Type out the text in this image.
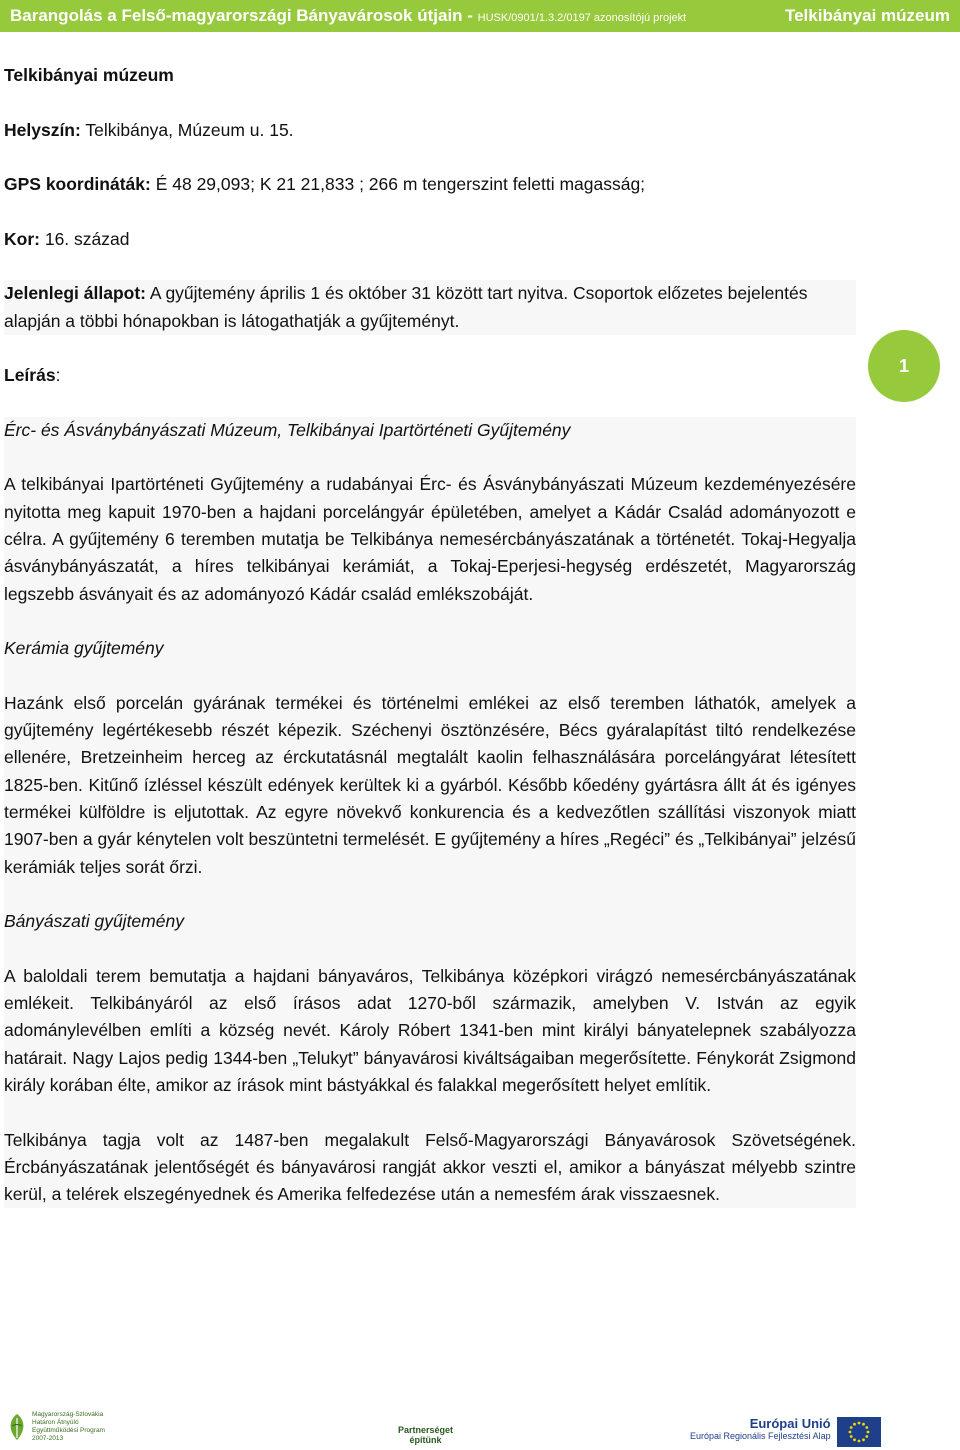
Barangolás a Felső-magyarországi Bányavárosok útjain - HUSK/0901/1.3.2/0197 azonosítójú projekt	Telkibányai múzeum
1

Telkibányai múzeum

Helyszín: Telkibánya, Múzeum u. 15.

GPS koordináták: É 48 29,093; K 21 21,833 ; 266 m tengerszint feletti magasság;

Kor: 16. század

Jelenlegi állapot: A gyűjtemény április 1 és október 31 között tart nyitva. Csoportok előzetes bejelentés alapján a többi hónapokban is látogathatják a gyűjteményt.

Leírás:

Érc- és Ásványbányászati Múzeum, Telkibányai Ipartörténeti Gyűjtemény

A telkibányai Ipartörténeti Gyűjtemény a rudabányai Érc- és Ásványbányászati Múzeum kezdeményezésére nyitotta meg kapuit 1970-ben a hajdani porcelángyár épületében, amelyet a Kádár Család adományozott e célra. A gyűjtemény 6 teremben mutatja be Telkibánya nemesércbányászatának a történetét. Tokaj-Hegyalja ásványbányászatát, a híres telkibányai kerámiát, a Tokaj-Eperjesi-hegység erdészetét, Magyarország legszebb ásványait és az adományozó Kádár család emlékszobáját.

Kerámia gyűjtemény

Hazánk első porcelán gyárának termékei és történelmi emlékei az első teremben láthatók, amelyek a gyűjtemény legértékesebb részét képezik. Széchenyi ösztönzésére, Bécs gyáralapítást tiltó rendelkezése ellenére, Bretzeinheim herceg az érckutatásnál megtalált kaolin felhasználására porcelángyárat létesített 1825-ben. Kitűnő ízléssel készült edények kerültek ki a gyárból. Később kőedény gyártásra állt át és igényes termékei külföldre is eljutottak. Az egyre növekvő konkurencia és a kedvezőtlen szállítási viszonyok miatt 1907-ben a gyár kénytelen volt beszüntetni termelését. E gyűjtemény a híres „Regéci” és „Telkibányai” jelzésű kerámiák teljes sorát őrzi.

Bányászati gyűjtemény

A baloldali terem bemutatja a hajdani bányaváros, Telkibánya középkori virágzó nemesércbányászatának emlékeit. Telkibányáról az első írásos adat 1270-ből származik, amelyben V. István az egyik adománylevélben említi a község nevét. Károly Róbert 1341-ben mint királyi bányatelepnek szabályozza határait. Nagy Lajos pedig 1344-ben „Telukyt” bányavárosi kiváltságaiban megerősítette. Fénykorát Zsigmond király korában élte, amikor az írások mint bástyákkal és falakkal megerősített helyet említik.

Telkibánya tagja volt az 1487-ben megalakult Felső-Magyarországi Bányavárosok Szövetségének. Ércbányászatának jelentőségét és bányavárosi rangját akkor veszti el, amikor a bányászat mélyebb szintre kerül, a telérek elszegényednek és Amerika felfedezése után a nemesfém árak visszaesnek.

Magyarország-Szlovákia Határon Átnyúló Együttműködési Program 2007-2013
Partnerséget
építünk
Európai Unió
Európai Regionális Fejlesztési Alap
